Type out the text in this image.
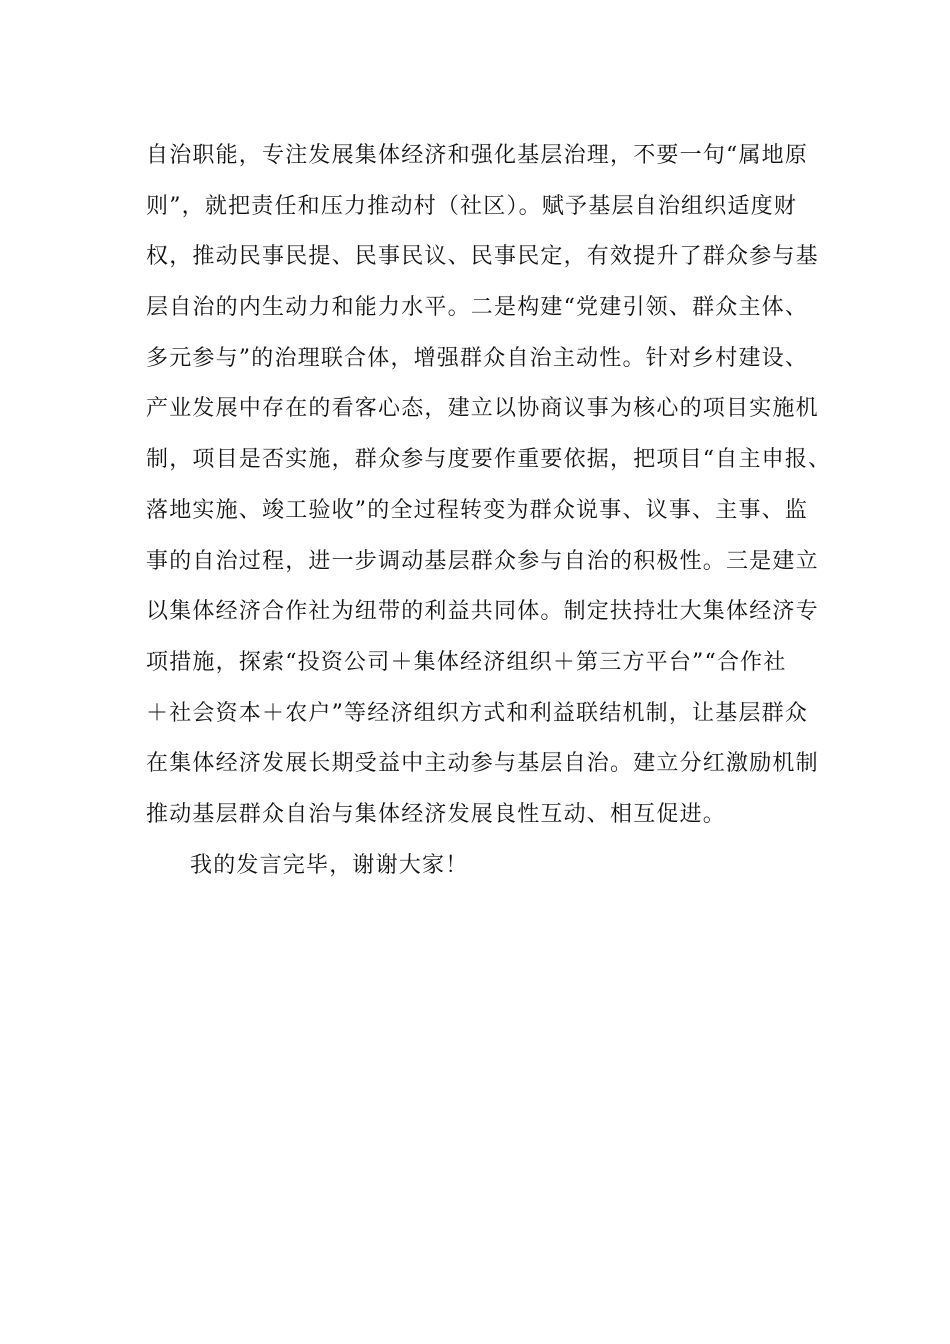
自治职能，专注发展集体经济和强化基层治理，不要一句“属地原
则”，就把责任和压力推动村（社区）。赋予基层自治组织适度财
权，推动民事民提、民事民议、民事民定，有效提升了群众参与基
层自治的内生动力和能力水平。二是构建“党建引领、群众主体、
多元参与”的治理联合体，增强群众自治主动性。针对乡村建设、
产业发展中存在的看客心态，建立以协商议事为核心的项目实施机
制，项目是否实施，群众参与度要作重要依据，把项目“自主申报、
落地实施、竣工验收”的全过程转变为群众说事、议事、主事、监
事的自治过程，进一步调动基层群众参与自治的积极性。三是建立
以集体经济合作社为纽带的利益共同体。制定扶持壮大集体经济专
项措施，探索“投资公司＋集体经济组织＋第三方平台”“合作社
＋社会资本＋农户”等经济组织方式和利益联结机制，让基层群众
在集体经济发展长期受益中主动参与基层自治。建立分红激励机制
推动基层群众自治与集体经济发展良性互动、相互促进。
我的发言完毕，谢谢大家！
